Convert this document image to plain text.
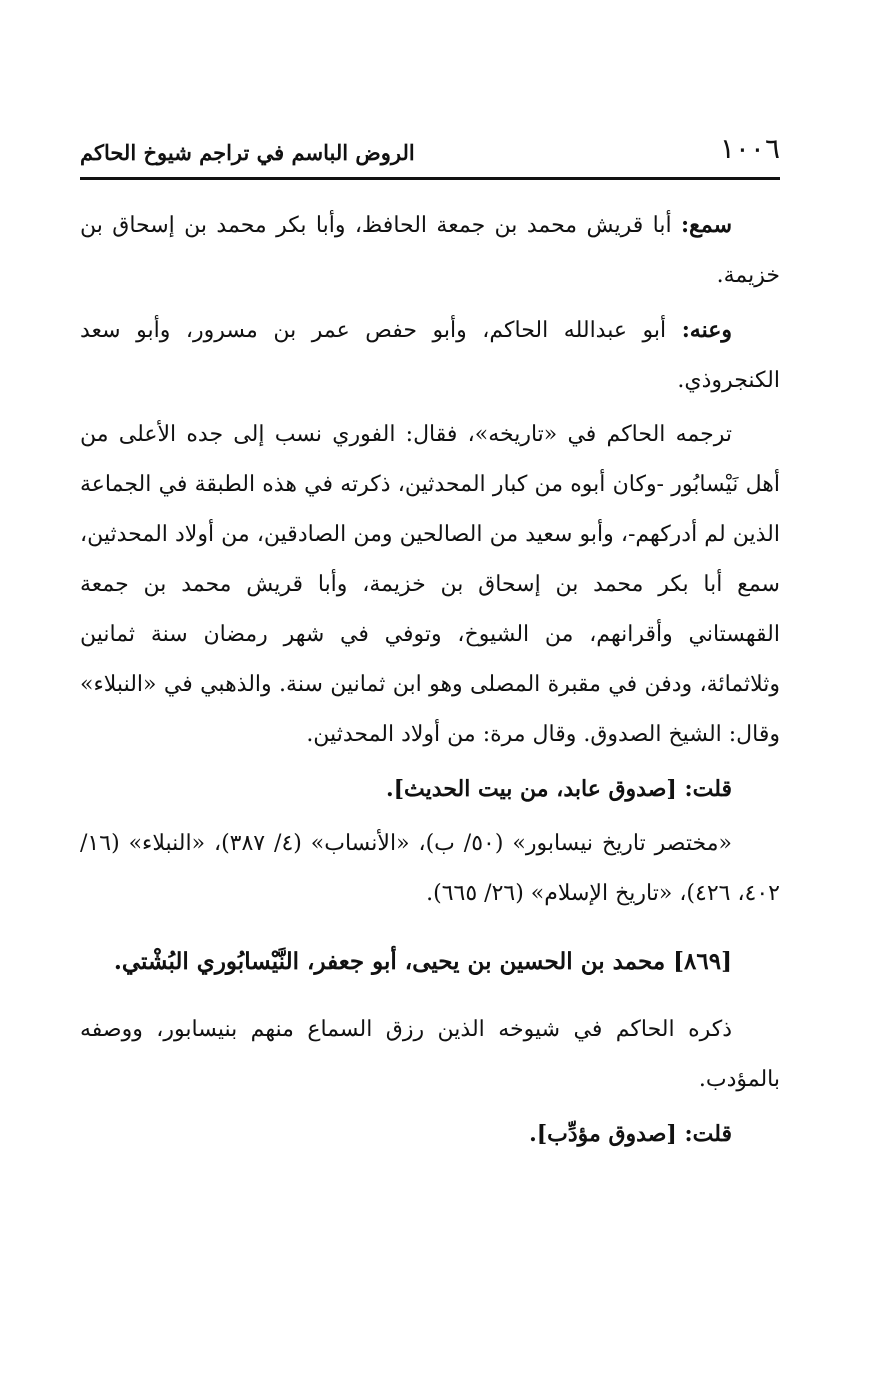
١٠٠٦
الروض الباسم في تراجم شيوخ الحاكم

سمع: أبا قريش محمد بن جمعة الحافظ، وأبا بكر محمد بن إسحاق بن خزيمة.

وعنه: أبو عبدالله الحاكم، وأبو حفص عمر بن مسرور، وأبو سعد الكنجروذي.

ترجمه الحاكم في «تاريخه»، فقال: الفوري نسب إلى جده الأعلى من أهل نَيْسابُور -وكان أبوه من كبار المحدثين، ذكرته في هذه الطبقة في الجماعة الذين لم أدركهم-، وأبو سعيد من الصالحين ومن الصادقين، من أولاد المحدثين، سمع أبا بكر محمد بن إسحاق بن خزيمة، وأبا قريش محمد بن جمعة القهستاني وأقرانهم، من الشيوخ، وتوفي في شهر رمضان سنة ثمانين وثلاثمائة، ودفن في مقبرة المصلى وهو ابن ثمانين سنة. والذهبي في «النبلاء» وقال: الشيخ الصدوق. وقال مرة: من أولاد المحدثين.

قلت: [صدوق عابد، من بيت الحديث].

«مختصر تاريخ نيسابور» (٥٠/ ب)، «الأنساب» (٤/ ٣٨٧)، «النبلاء» (١٦/ ٤٠٢، ٤٢٦)، «تاريخ الإسلام» (٢٦/ ٦٦٥).

[٨٦٩] محمد بن الحسين بن يحيى، أبو جعفر، النَّيْسابُوري البُشْتي.

ذكره الحاكم في شيوخه الذين رزق السماع منهم بنيسابور، ووصفه بالمؤدب.

قلت: [صدوق مؤدِّب].
